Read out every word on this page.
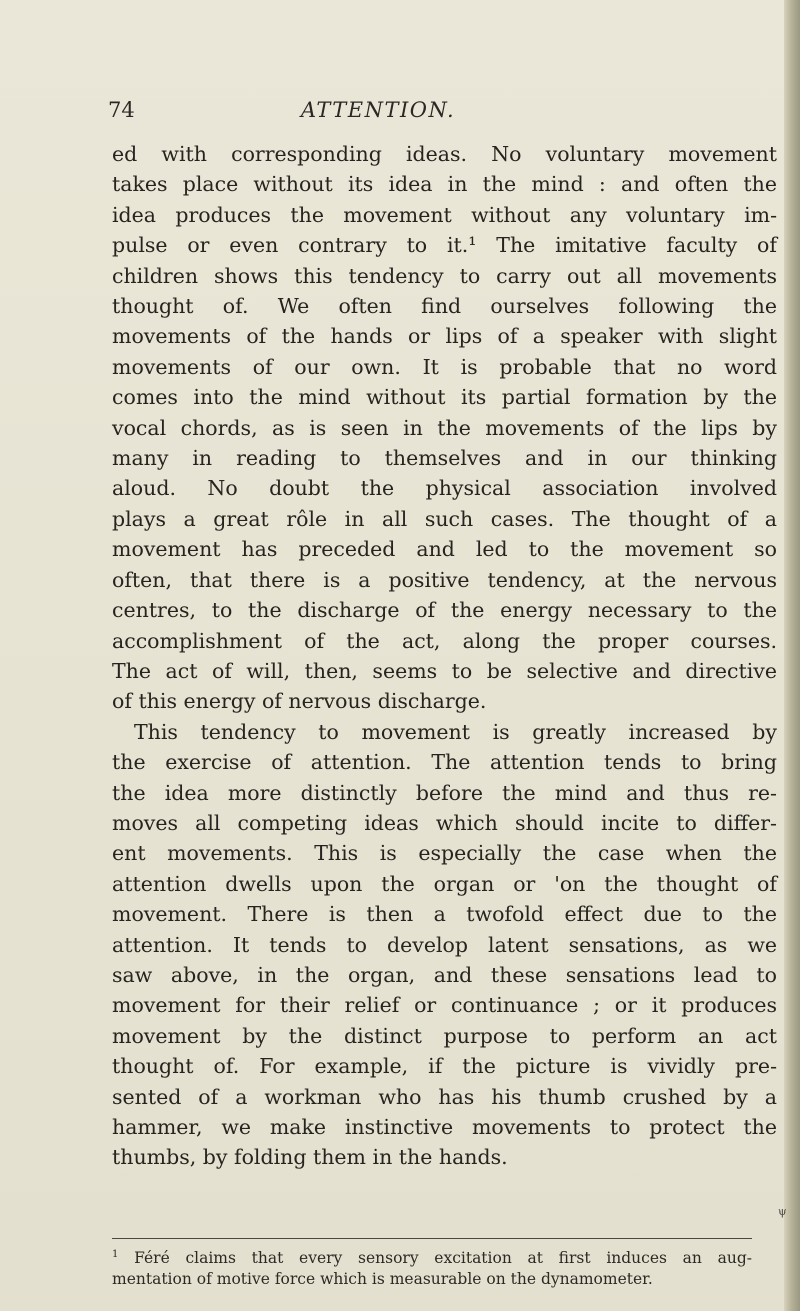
74	ATTENTION.
ed with corresponding ideas. No voluntary movement
takes place without its idea in the mind : and often the
idea produces the movement without any voluntary im-
pulse or even contrary to it.¹ The imitative faculty of
children shows this tendency to carry out all movements
thought of. We often find ourselves following the
movements of the hands or lips of a speaker with slight
movements of our own. It is probable that no word
comes into the mind without its partial formation by the
vocal chords, as is seen in the movements of the lips by
many in reading to themselves and in our thinking
aloud. No doubt the physical association involved
plays a great rôle in all such cases. The thought of a
movement has preceded and led to the movement so
often, that there is a positive tendency, at the nervous
centres, to the discharge of the energy necessary to the
accomplishment of the act, along the proper courses.
The act of will, then, seems to be selective and directive
of this energy of nervous discharge.
This tendency to movement is greatly increased by
the exercise of attention. The attention tends to bring
the idea more distinctly before the mind and thus re-
moves all competing ideas which should incite to differ-
ent movements. This is especially the case when the
attention dwells upon the organ or 'on the thought of
movement. There is then a twofold effect due to the
attention. It tends to develop latent sensations, as we
saw above, in the organ, and these sensations lead to
movement for their relief or continuance ; or it produces
movement by the distinct purpose to perform an act
thought of. For example, if the picture is vividly pre-
sented of a workman who has his thumb crushed by a
hammer, we make instinctive movements to protect the
thumbs, by folding them in the hands.
ψ
$^1$ Féré claims that every sensory excitation at first induces an aug-
mentation of motive force which is measurable on the dynamometer.
